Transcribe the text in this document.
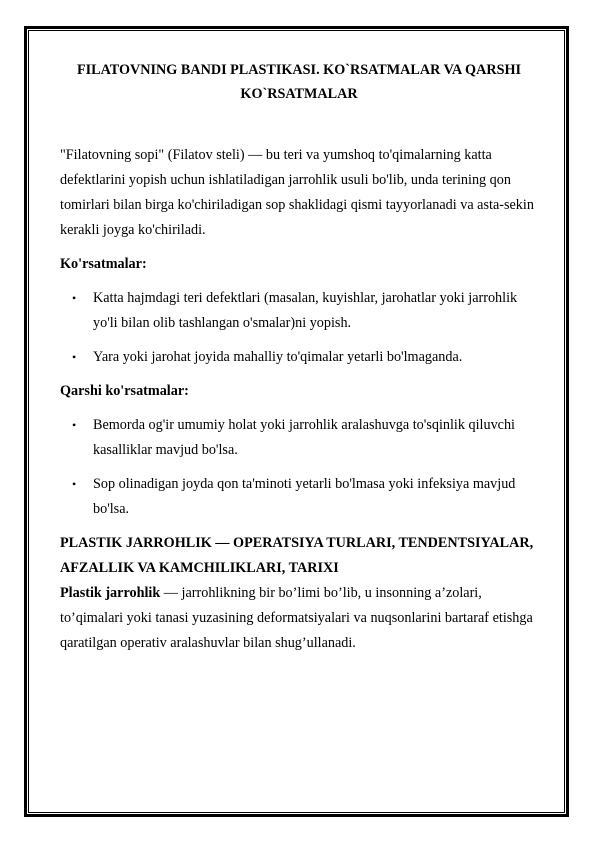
FILATOVNING BANDI PLASTIKASI. KO`RSATMALAR VA QARSHI KO`RSATMALAR

"Filatovning sopi" (Filatov steli) — bu teri va yumshoq to'qimalarning katta defektlarini yopish uchun ishlatiladigan jarrohlik usuli bo'lib, unda terining qon tomirlari bilan birga ko'chiriladigan sop shaklidagi qismi tayyorlanadi va asta-sekin kerakli joyga ko'chiriladi.

Ko'rsatmalar:

• Katta hajmdagi teri defektlari (masalan, kuyishlar, jarohatlar yoki jarrohlik yo'li bilan olib tashlangan o'smalar)ni yopish.
• Yara yoki jarohat joyida mahalliy to'qimalar yetarli bo'lmaganda.

Qarshi ko'rsatmalar:

• Bemorda og'ir umumiy holat yoki jarrohlik aralashuvga to'sqinlik qiluvchi kasalliklar mavjud bo'lsa.
• Sop olinadigan joyda qon ta'minoti yetarli bo'lmasa yoki infeksiya mavjud bo'lsa.

PLASTIK JARROHLIK — OPERATSIYA TURLARI, TENDENTSIYALAR, AFZALLIK VA KAMCHILIKLARI, TARIXI

Plastik jarrohlik — jarrohlikning bir bo’limi bo’lib, u insonning a’zolari, to’qimalari yoki tanasi yuzasining deformatsiyalari va nuqsonlarini bartaraf etishga qaratilgan operativ aralashuvlar bilan shug’ullanadi.
